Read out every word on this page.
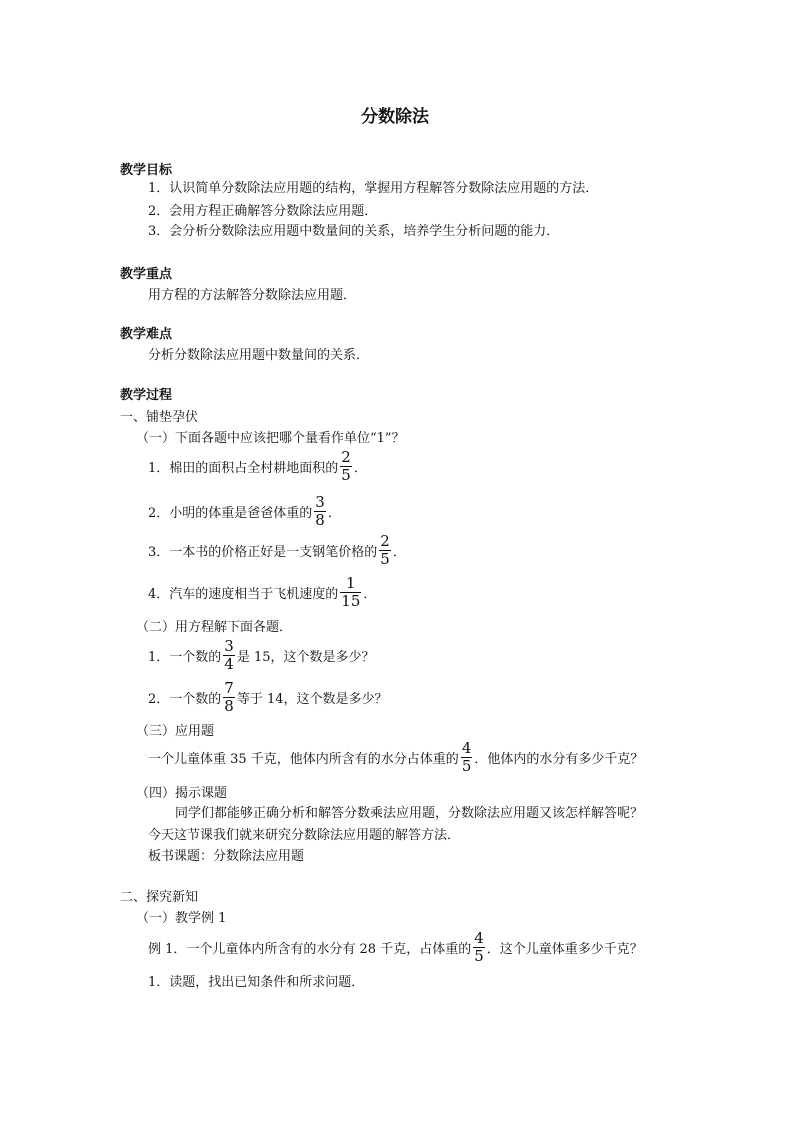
分数除法
教学目标
1．认识简单分数除法应用题的结构，掌握用方程解答分数除法应用题的方法．
2．会用方程正确解答分数除法应用题．
3．会分析分数除法应用题中数量间的关系，培养学生分析问题的能力．
教学重点
用方程的方法解答分数除法应用题．
教学难点
分析分数除法应用题中数量间的关系．
教学过程
一、铺垫孕伏
（一）下面各题中应该把哪个量看作单位“1”？
1．棉田的面积占全村耕地面积的 $\frac{2}{5}$ ．
2．小明的体重是爸爸体重的 $\frac{3}{8}$ ．
3．一本书的价格正好是一支钢笔价格的 $\frac{2}{5}$ ．
4．汽车的速度相当于飞机速度的 $\frac{1}{15}$ ．
（二）用方程解下面各题．
1．一个数的 $\frac{3}{4}$ 是 15，这个数是多少？
2．一个数的 $\frac{7}{8}$ 等于 14，这个数是多少？
（三）应用题
一个儿童体重 35 千克，他体内所含有的水分占体重的 $\frac{4}{5}$ ．他体内的水分有多少千克？
（四）揭示课题
同学们都能够正确分析和解答分数乘法应用题，分数除法应用题又该怎样解答呢？
今天这节课我们就来研究分数除法应用题的解答方法．
板书课题：分数除法应用题
二、探究新知
（一）教学例 1
例 1．一个儿童体内所含有的水分有 28 千克，占体重的 $\frac{4}{5}$ ．这个儿童体重多少千克？
1．读题，找出已知条件和所求问题．
